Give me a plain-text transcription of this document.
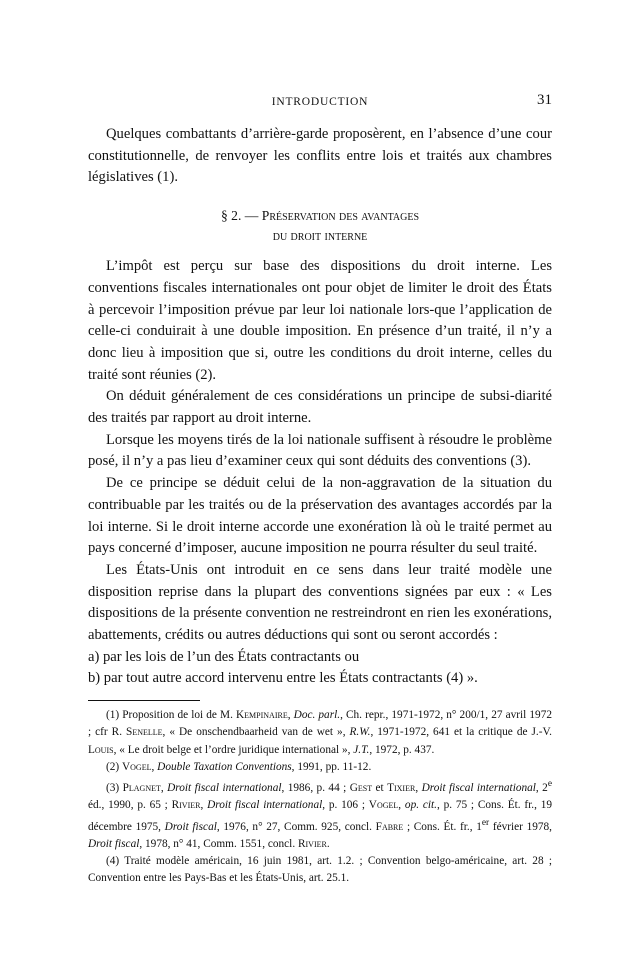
INTRODUCTION	31

Quelques combattants d’arrière-garde proposèrent, en l’absence d’une cour constitutionnelle, de renvoyer les conflits entre lois et traités aux chambres législatives (1).

§ 2. — Préservation des avantages
du droit interne

L’impôt est perçu sur base des dispositions du droit interne. Les conventions fiscales internationales ont pour objet de limiter le droit des États à percevoir l’imposition prévue par leur loi nationale lors-que l’application de celle-ci conduirait à une double imposition. En présence d’un traité, il n’y a donc lieu à imposition que si, outre les conditions du droit interne, celles du traité sont réunies (2).

On déduit généralement de ces considérations un principe de subsi-diarité des traités par rapport au droit interne.

Lorsque les moyens tirés de la loi nationale suffisent à résoudre le problème posé, il n’y a pas lieu d’examiner ceux qui sont déduits des conventions (3).

De ce principe se déduit celui de la non-aggravation de la situation du contribuable par les traités ou de la préservation des avantages accordés par la loi interne. Si le droit interne accorde une exonération là où le traité permet au pays concerné d’imposer, aucune imposition ne pourra résulter du seul traité.

Les États-Unis ont introduit en ce sens dans leur traité modèle une disposition reprise dans la plupart des conventions signées par eux : « Les dispositions de la présente convention ne restreindront en rien les exonérations, abattements, crédits ou autres déductions qui sont ou seront accordés :

a) par les lois de l’un des États contractants ou

b) par tout autre accord intervenu entre les États contractants (4) ».

(1) Proposition de loi de M. Kempinaire, Doc. parl., Ch. repr., 1971-1972, n° 200/1, 27 avril 1972 ; cfr R. Senelle, « De onschendbaarheid van de wet », R.W., 1971-1972, 641 et la critique de J.-V. Louis, « Le droit belge et l’ordre juridique international », J.T., 1972, p. 437.

(2) Vogel, Double Taxation Conventions, 1991, pp. 11-12.

(3) Plagnet, Droit fiscal international, 1986, p. 44 ; Gest et Tixier, Droit fiscal international, 2e éd., 1990, p. 65 ; Rivier, Droit fiscal international, p. 106 ; Vogel, op. cit., p. 75 ; Cons. Ét. fr., 19 décembre 1975, Droit fiscal, 1976, n° 27, Comm. 925, concl. Fabre ; Cons. Ét. fr., 1er février 1978, Droit fiscal, 1978, n° 41, Comm. 1551, concl. Rivier.

(4) Traité modèle américain, 16 juin 1981, art. 1.2. ; Convention belgo-américaine, art. 28 ; Convention entre les Pays-Bas et les États-Unis, art. 25.1.
